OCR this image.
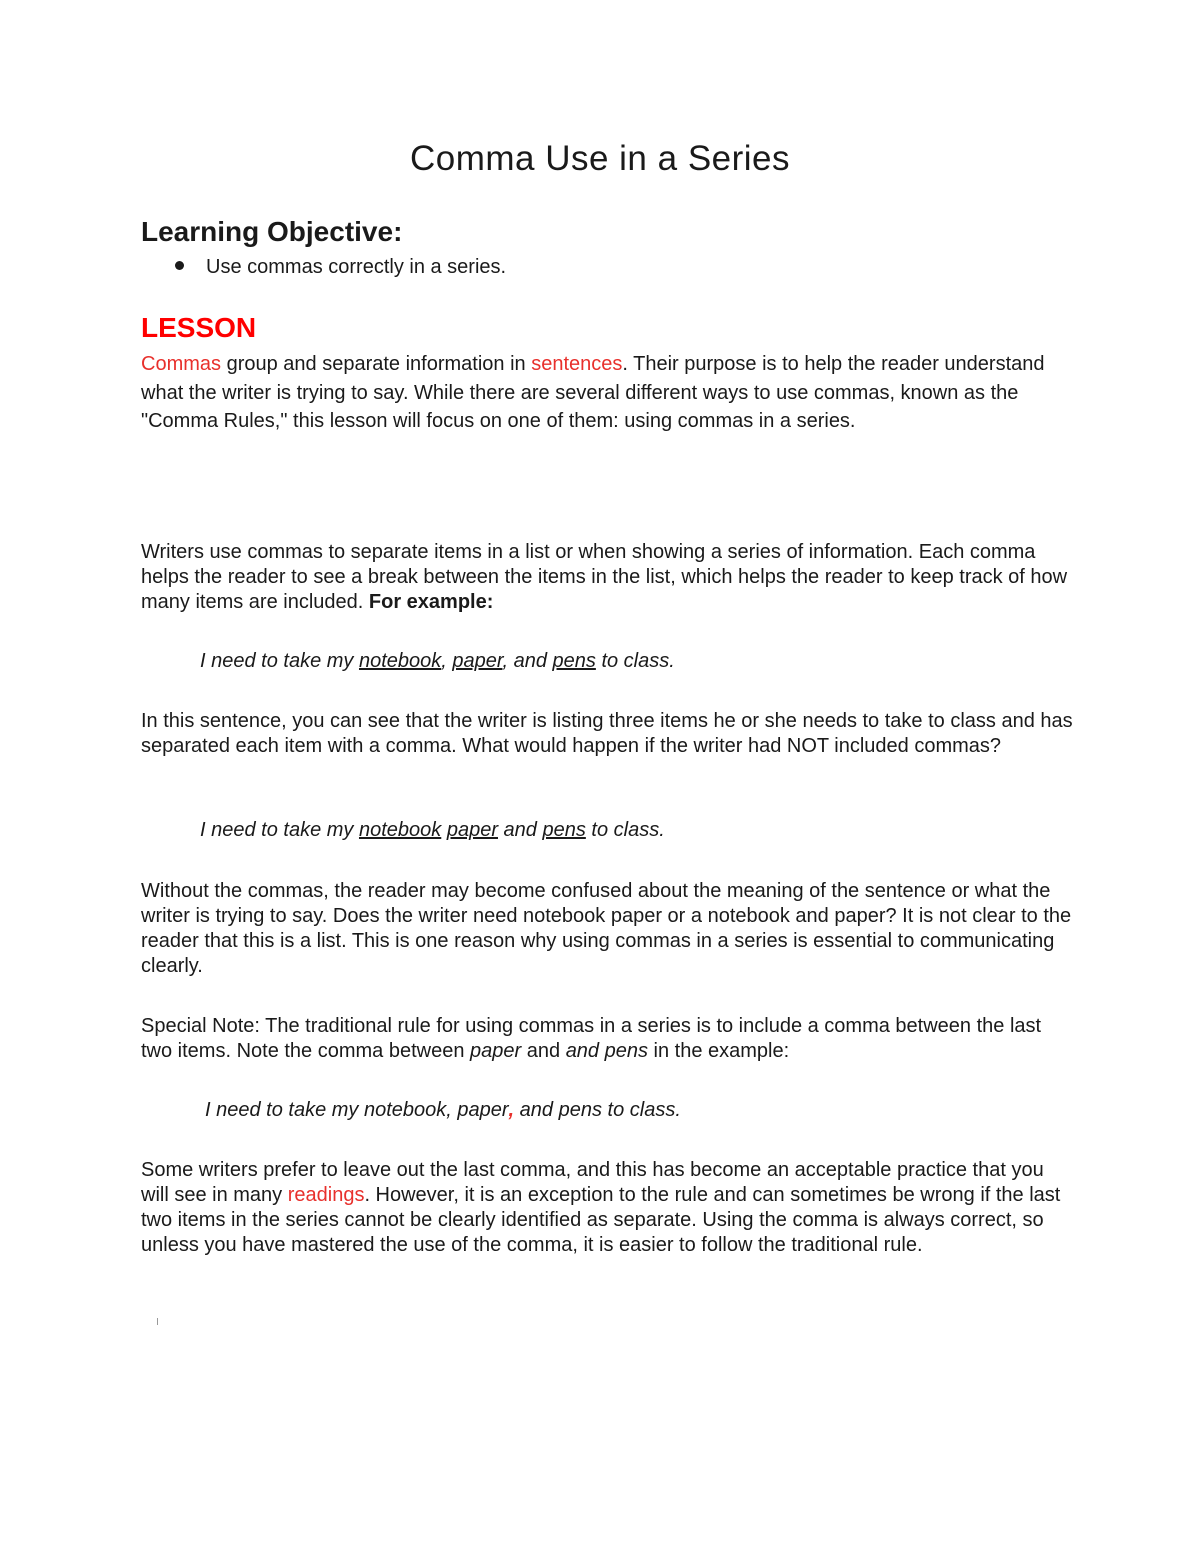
Comma Use in a Series
Learning Objective:
Use commas correctly in a series.
LESSON

Commas group and separate information in sentences. Their purpose is to help the reader understand what the writer is trying to say. While there are several different ways to use commas, known as the "Comma Rules," this lesson will focus on one of them: using commas in a series.

Writers use commas to separate items in a list or when showing a series of information. Each comma helps the reader to see a break between the items in the list, which helps the reader to keep track of how many items are included. For example:

I need to take my notebook, paper, and pens to class.

In this sentence, you can see that the writer is listing three items he or she needs to take to class and has separated each item with a comma. What would happen if the writer had NOT included commas?

I need to take my notebook paper and pens to class.

Without the commas, the reader may become confused about the meaning of the sentence or what the writer is trying to say. Does the writer need notebook paper or a notebook and paper? It is not clear to the reader that this is a list. This is one reason why using commas in a series is essential to communicating clearly.

Special Note: The traditional rule for using commas in a series is to include a comma between the last two items. Note the comma between paper and and pens in the example:

I need to take my notebook, paper, and pens to class.

Some writers prefer to leave out the last comma, and this has become an acceptable practice that you will see in many readings. However, it is an exception to the rule and can sometimes be wrong if the last two items in the series cannot be clearly identified as separate. Using the comma is always correct, so unless you have mastered the use of the comma, it is easier to follow the traditional rule.
